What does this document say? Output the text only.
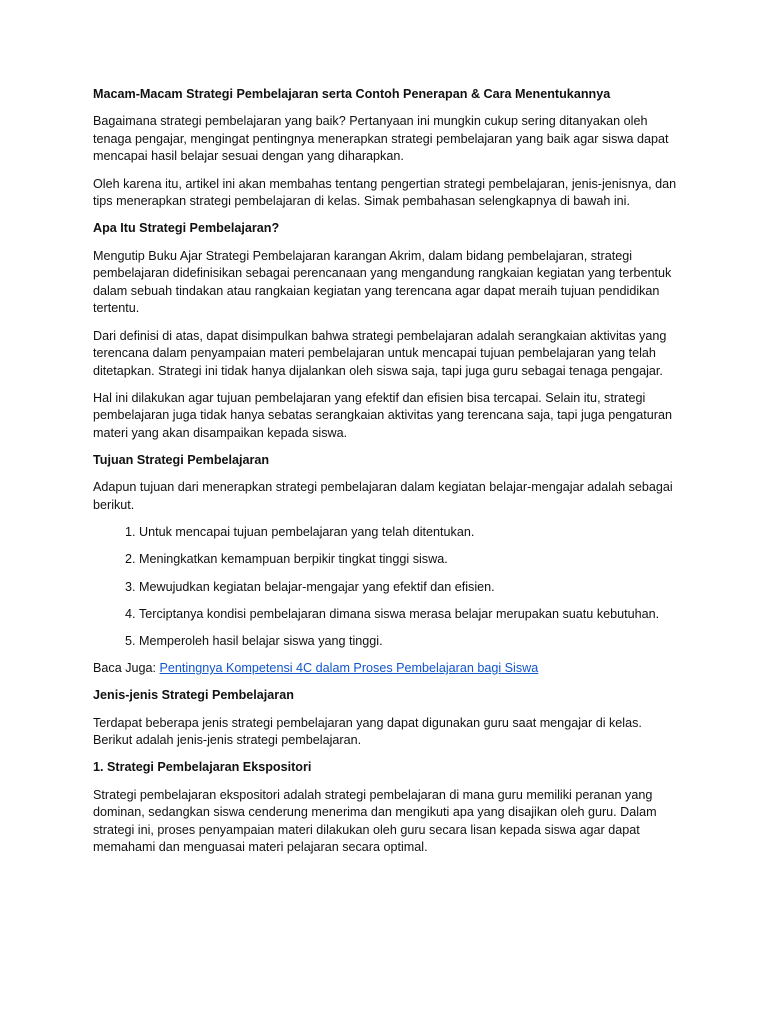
Macam-Macam Strategi Pembelajaran serta Contoh Penerapan & Cara Menentukannya

Bagaimana strategi pembelajaran yang baik? Pertanyaan ini mungkin cukup sering ditanyakan oleh tenaga pengajar, mengingat pentingnya menerapkan strategi pembelajaran yang baik agar siswa dapat mencapai hasil belajar sesuai dengan yang diharapkan.

Oleh karena itu, artikel ini akan membahas tentang pengertian strategi pembelajaran, jenis-jenisnya, dan tips menerapkan strategi pembelajaran di kelas. Simak pembahasan selengkapnya di bawah ini.

Apa Itu Strategi Pembelajaran?

Mengutip Buku Ajar Strategi Pembelajaran karangan Akrim, dalam bidang pembelajaran, strategi pembelajaran didefinisikan sebagai perencanaan yang mengandung rangkaian kegiatan yang terbentuk dalam sebuah tindakan atau rangkaian kegiatan yang terencana agar dapat meraih tujuan pendidikan tertentu.

Dari definisi di atas, dapat disimpulkan bahwa strategi pembelajaran adalah serangkaian aktivitas yang terencana dalam penyampaian materi pembelajaran untuk mencapai tujuan pembelajaran yang telah ditetapkan. Strategi ini tidak hanya dijalankan oleh siswa saja, tapi juga guru sebagai tenaga pengajar.

Hal ini dilakukan agar tujuan pembelajaran yang efektif dan efisien bisa tercapai. Selain itu, strategi pembelajaran juga tidak hanya sebatas serangkaian aktivitas yang terencana saja, tapi juga pengaturan materi yang akan disampaikan kepada siswa.

Tujuan Strategi Pembelajaran

Adapun tujuan dari menerapkan strategi pembelajaran dalam kegiatan belajar-mengajar adalah sebagai berikut.

1. Untuk mencapai tujuan pembelajaran yang telah ditentukan.
2. Meningkatkan kemampuan berpikir tingkat tinggi siswa.
3. Mewujudkan kegiatan belajar-mengajar yang efektif dan efisien.
4. Terciptanya kondisi pembelajaran dimana siswa merasa belajar merupakan suatu kebutuhan.
5. Memperoleh hasil belajar siswa yang tinggi.

Baca Juga: Pentingnya Kompetensi 4C dalam Proses Pembelajaran bagi Siswa

Jenis-jenis Strategi Pembelajaran

Terdapat beberapa jenis strategi pembelajaran yang dapat digunakan guru saat mengajar di kelas. Berikut adalah jenis-jenis strategi pembelajaran.

1. Strategi Pembelajaran Ekspositori

Strategi pembelajaran ekspositori adalah strategi pembelajaran di mana guru memiliki peranan yang dominan, sedangkan siswa cenderung menerima dan mengikuti apa yang disajikan oleh guru. Dalam strategi ini, proses penyampaian materi dilakukan oleh guru secara lisan kepada siswa agar dapat memahami dan menguasai materi pelajaran secara optimal.
